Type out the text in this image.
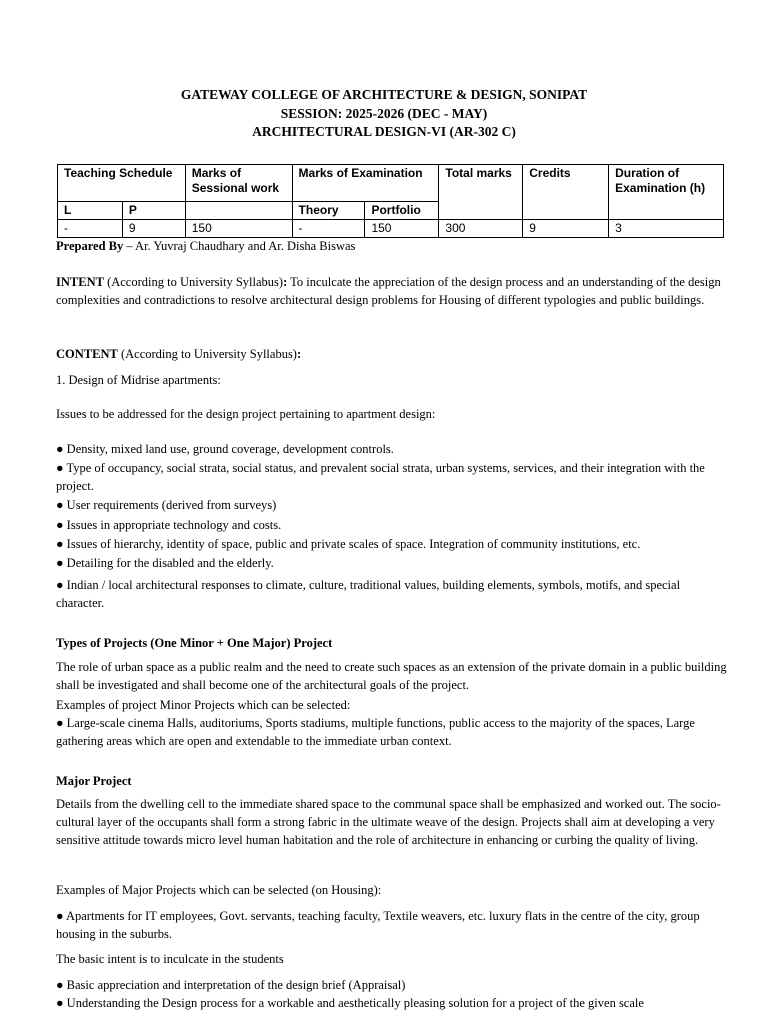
GATEWAY COLLEGE OF ARCHITECTURE & DESIGN, SONIPAT
SESSION: 2025-2026 (DEC - MAY)
ARCHITECTURAL DESIGN-VI (AR-302 C)
Teaching Schedule		Marks of Sessional work	Marks of Examination		Total marks	Credits	Duration of Examination (h)
L	P		Theory	Portfolio			
-	9	150	-	150	300	9	3
Prepared By – Ar. Yuvraj Chaudhary and Ar. Disha Biswas
INTENT (According to University Syllabus): To inculcate the appreciation of the design process and an understanding of the design complexities and contradictions to resolve architectural design problems for Housing of different typologies and public buildings.
CONTENT (According to University Syllabus):
1. Design of Midrise apartments:
Issues to be addressed for the design project pertaining to apartment design:
● Density, mixed land use, ground coverage, development controls.
● Type of occupancy, social strata, social status, and prevalent social strata, urban systems, services, and their integration with the project.
● User requirements (derived from surveys)
● Issues in appropriate technology and costs.
● Issues of hierarchy, identity of space, public and private scales of space. Integration of community institutions, etc.
● Detailing for the disabled and the elderly.
● Indian / local architectural responses to climate, culture, traditional values, building elements, symbols, motifs, and special character.
Types of Projects (One Minor + One Major) Project
The role of urban space as a public realm and the need to create such spaces as an extension of the private domain in a public building shall be investigated and shall become one of the architectural goals of the project.
Examples of project Minor Projects which can be selected:
● Large-scale cinema Halls, auditoriums, Sports stadiums, multiple functions, public access to the majority of the spaces, Large gathering areas which are open and extendable to the immediate urban context.
Major Project
Details from the dwelling cell to the immediate shared space to the communal space shall be emphasized and worked out. The socio-cultural layer of the occupants shall form a strong fabric in the ultimate weave of the design. Projects shall aim at developing a very sensitive attitude towards micro level human habitation and the role of architecture in enhancing or curbing the quality of living.
Examples of Major Projects which can be selected (on Housing):
● Apartments for IT employees, Govt. servants, teaching faculty, Textile weavers, etc. luxury flats in the centre of the city, group housing in the suburbs.
The basic intent is to inculcate in the students
● Basic appreciation and interpretation of the design brief (Appraisal)
● Understanding the Design process for a workable and aesthetically pleasing solution for a project of the given scale
